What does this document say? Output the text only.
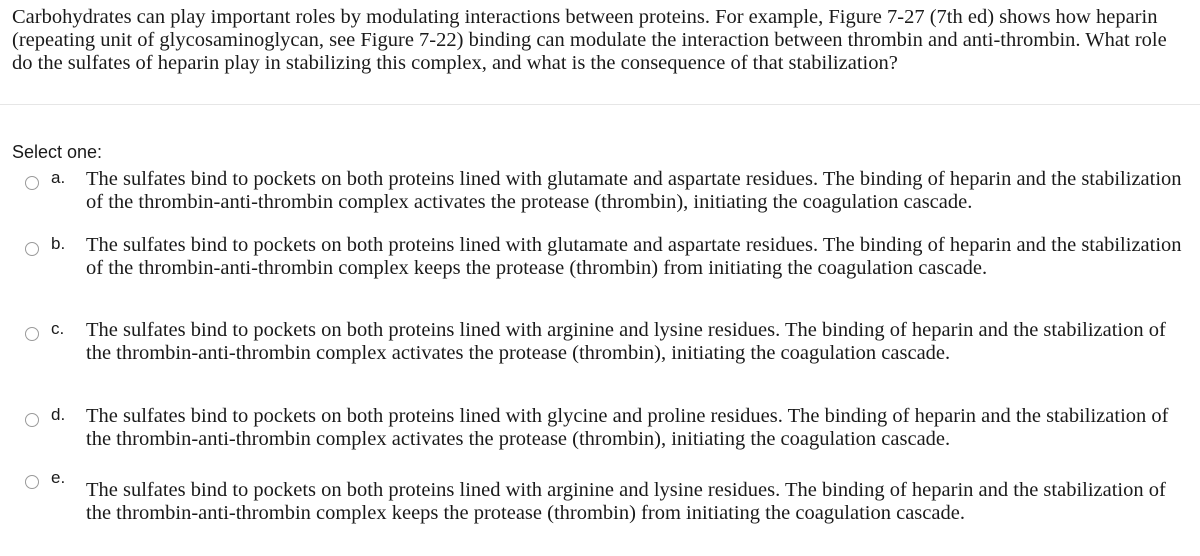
Carbohydrates can play important roles by modulating interactions between proteins. For example, Figure 7-27 (7th ed) shows how heparin (repeating unit of glycosaminoglycan, see Figure 7-22) binding can modulate the interaction between thrombin and anti-thrombin. What role do the sulfates of heparin play in stabilizing this complex, and what is the consequence of that stabilization?

Select one:

a. The sulfates bind to pockets on both proteins lined with glutamate and aspartate residues. The binding of heparin and the stabilization of the thrombin-anti-thrombin complex activates the protease (thrombin), initiating the coagulation cascade.
b. The sulfates bind to pockets on both proteins lined with glutamate and aspartate residues. The binding of heparin and the stabilization of the thrombin-anti-thrombin complex keeps the protease (thrombin) from initiating the coagulation cascade.
c. The sulfates bind to pockets on both proteins lined with arginine and lysine residues. The binding of heparin and the stabilization of the thrombin-anti-thrombin complex activates the protease (thrombin), initiating the coagulation cascade.
d. The sulfates bind to pockets on both proteins lined with glycine and proline residues. The binding of heparin and the stabilization of the thrombin-anti-thrombin complex activates the protease (thrombin), initiating the coagulation cascade.
e.
The sulfates bind to pockets on both proteins lined with arginine and lysine residues. The binding of heparin and the stabilization of the thrombin-anti-thrombin complex keeps the protease (thrombin) from initiating the coagulation cascade.
